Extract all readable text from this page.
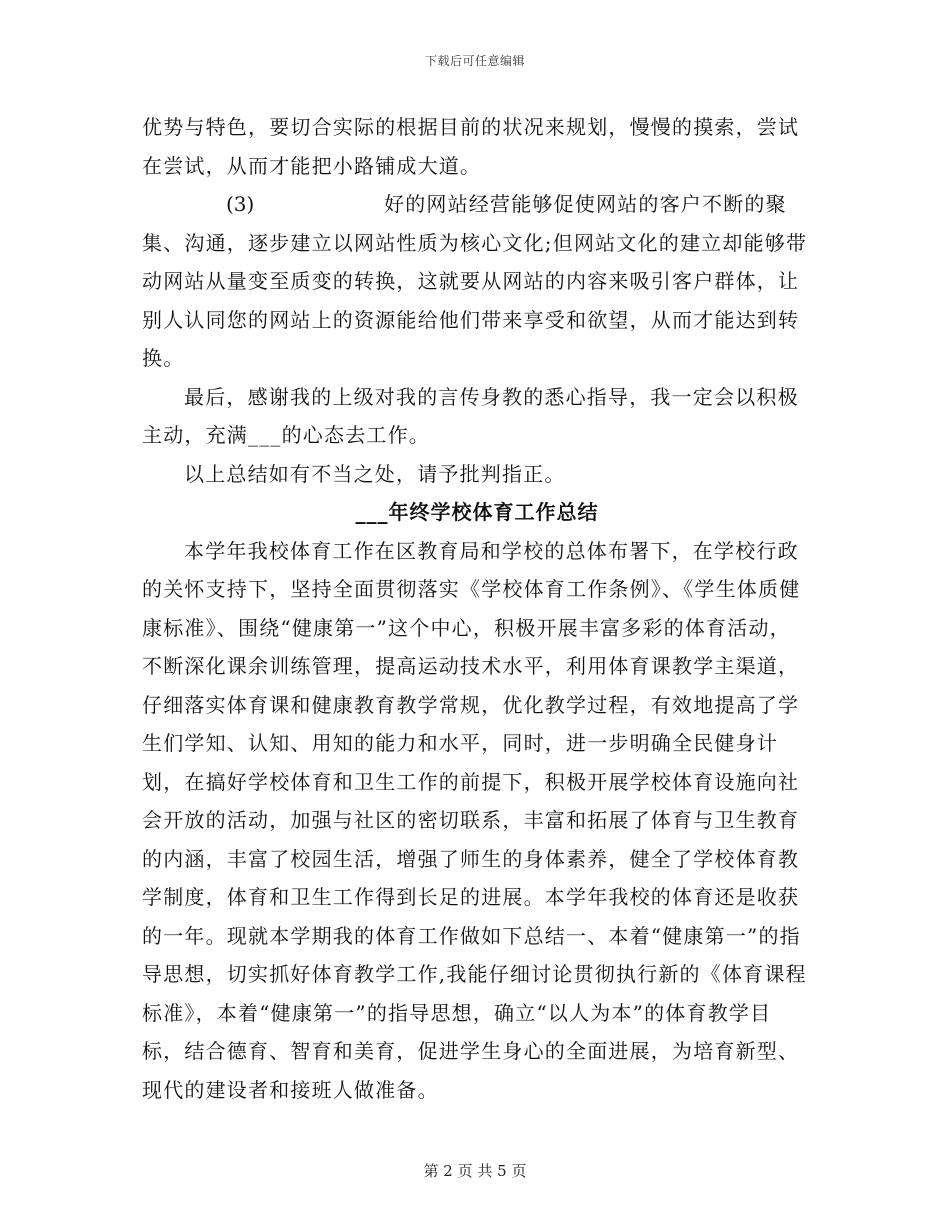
下载后可任意编辑

优势与特色，要切合实际的根据目前的状况来规划，慢慢的摸索，尝试在尝试，从而才能把小路铺成大道。

(3)	好的网站经营能够促使网站的客户不断的聚集、沟通，逐步建立以网站性质为核心文化;但网站文化的建立却能够带动网站从量变至质变的转换，这就要从网站的内容来吸引客户群体，让别人认同您的网站上的资源能给他们带来享受和欲望，从而才能达到转换。

最后，感谢我的上级对我的言传身教的悉心指导，我一定会以积极主动，充满___的心态去工作。

以上总结如有不当之处，请予批判指正。

___年终学校体育工作总结

本学年我校体育工作在区教育局和学校的总体布署下，在学校行政的关怀支持下，坚持全面贯彻落实《学校体育工作条例》、《学生体质健康标准》、围绕“健康第一”这个中心，积极开展丰富多彩的体育活动，不断深化课余训练管理，提高运动技术水平，利用体育课教学主渠道，仔细落实体育课和健康教育教学常规，优化教学过程，有效地提高了学生们学知、认知、用知的能力和水平，同时，进一步明确全民健身计划，在搞好学校体育和卫生工作的前提下，积极开展学校体育设施向社会开放的活动，加强与社区的密切联系，丰富和拓展了体育与卫生教育的内涵，丰富了校园生活，增强了师生的身体素养，健全了学校体育教学制度，体育和卫生工作得到长足的进展。本学年我校的体育还是收获的一年。现就本学期我的体育工作做如下总结一、本着“健康第一”的指导思想，切实抓好体育教学工作,我能仔细讨论贯彻执行新的《体育课程标准》，本着“健康第一”的指导思想，确立“以人为本”的体育教学目标，结合德育、智育和美育，促进学生身心的全面进展，为培育新型、现代的建设者和接班人做准备。

第 2 页 共 5 页
